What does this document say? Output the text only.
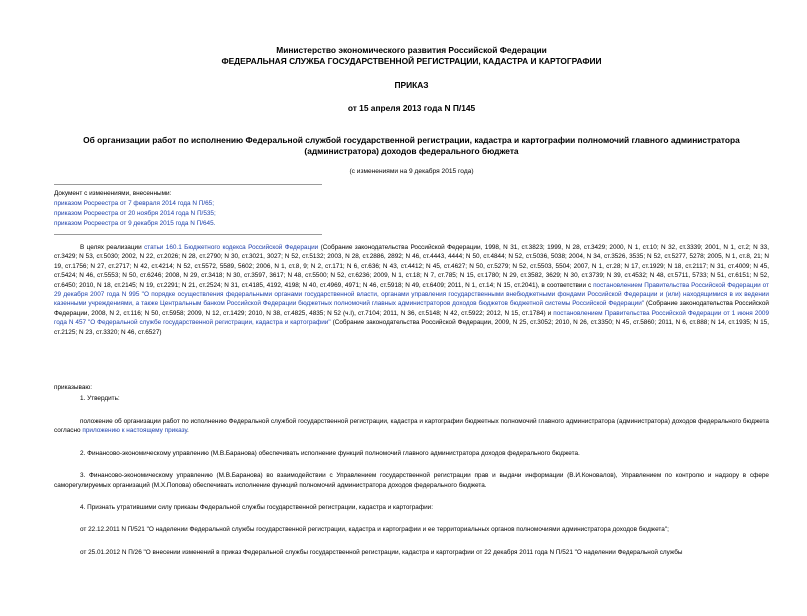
Министерство экономического развития Российской Федерации
ФЕДЕРАЛЬНАЯ СЛУЖБА ГОСУДАРСТВЕННОЙ РЕГИСТРАЦИИ, КАДАСТРА И КАРТОГРАФИИ
ПРИКАЗ
от 15 апреля 2013 года N П/145
Об организации работ по исполнению Федеральной службой государственной регистрации, кадастра и картографии полномочий главного администратора
(администратора) доходов федерального бюджета
(с изменениями на 9 декабря 2015 года)
Документ с изменениями, внесенными:
приказом Росреестра от 7 февраля 2014 года N П/65;
приказом Росреестра от 20 ноября 2014 года N П/535;
приказом Росреестра от 9 декабря 2015 года N П/645.
В целях реализации статьи 160.1 Бюджетного кодекса Российской Федерации (Собрание законодательства Российской Федерации, 1998, N 31, ст.3823; 1999, N 28, ст.3429; 2000, N 1, ст.10; N 32, ст.3339; 2001, N 1, ст.2; N 33, ст.3429; N 53, ст.5030; 2002, N 22, ст.2026; N 28, ст.2790; N 30, ст.3021, 3027; N 52, ст.5132; 2003, N 28, ст.2886, 2892; N 46, ст.4443, 4444; N 50, ст.4844; N 52, ст.5036, 5038; 2004, N 34, ст.3526, 3535; N 52, ст.5277, 5278; 2005, N 1, ст.8, 21; N 19, ст.1756; N 27, ст.2717; N 42, ст.4214; N 52, ст.5572, 5589, 5602; 2006, N 1, ст.8, 9; N 2, ст.171; N 6, ст.636; N 43, ст.4412; N 45, ст.4627; N 50, ст.5279; N 52, ст.5503, 5504; 2007, N 1, ст.28; N 17, ст.1929; N 18, ст.2117; N 31, ст.4009; N 45, ст.5424; N 46, ст.5553; N 50, ст.6246; 2008, N 29, ст.3418; N 30, ст.3597, 3617; N 48, ст.5500; N 52, ст.6236; 2009, N 1, ст.18; N 7, ст.785; N 15, ст.1780; N 29, ст.3582, 3629; N 30, ст.3739; N 39, ст.4532; N 48, ст.5711, 5733; N 51, ст.6151; N 52, ст.6450; 2010, N 18, ст.2145; N 19, ст.2291; N 21, ст.2524; N 31, ст.4185, 4192, 4198; N 40, ст.4969, 4971; N 46, ст.5918; N 49, ст.6409; 2011, N 1, ст.14; N 15, ст.2041), в соответствии с постановлением Правительства Российской Федерации от 29 декабря 2007 года N 995 "О порядке осуществления федеральными органами государственной власти, органами управления государственными внебюджетными фондами Российской Федерации и (или) находящимися в их ведении казенными учреждениями, а также Центральным банком Российской Федерации бюджетных полномочий главных администраторов доходов бюджетов бюджетной системы Российской Федерации" (Собрание законодательства Российской Федерации, 2008, N 2, ст.116; N 50, ст.5958; 2009, N 12, ст.1429; 2010, N 38, ст.4825, 4835; N 52 (ч.I), ст.7104; 2011, N 36, ст.5148; N 42, ст.5922; 2012, N 15, ст.1784) и постановлением Правительства Российской Федерации от 1 июня 2009 года N 457 "О Федеральной службе государственной регистрации, кадастра и картографии" (Собрание законодательства Российской Федерации, 2009, N 25, ст.3052; 2010, N 26, ст.3350; N 45, ст.5860; 2011, N 6, ст.888; N 14, ст.1935; N 15, ст.2125; N 23, ст.3320; N 46, ст.6527)
приказываю:
1. Утвердить:
положение об организации работ по исполнению Федеральной службой государственной регистрации, кадастра и картографии бюджетных полномочий главного администратора (администратора) доходов федерального бюджета согласно приложению к настоящему приказу.
2. Финансово-экономическому управлению (М.В.Баранова) обеспечивать исполнение функций полномочий главного администратора доходов федерального бюджета.
3. Финансово-экономическому управлению (М.В.Баранова) во взаимодействии с Управлением государственной регистрации прав и выдачи информации (В.И.Коновалов), Управлением по контролю и надзору в сфере саморегулируемых организаций (М.Х.Попова) обеспечивать исполнение функций полномочий администратора доходов федерального бюджета.
4. Признать утратившими силу приказы Федеральной службы государственной регистрации, кадастра и картографии:
от 22.12.2011 N П/521 "О наделении Федеральной службы государственной регистрации, кадастра и картографии и ее территориальных органов полномочиями администратора доходов бюджета";
от 25.01.2012 N П/26 "О внесении изменений в приказ Федеральной службы государственной регистрации, кадастра и картографии от 22 декабря 2011 года N П/521 "О наделении Федеральной службы
